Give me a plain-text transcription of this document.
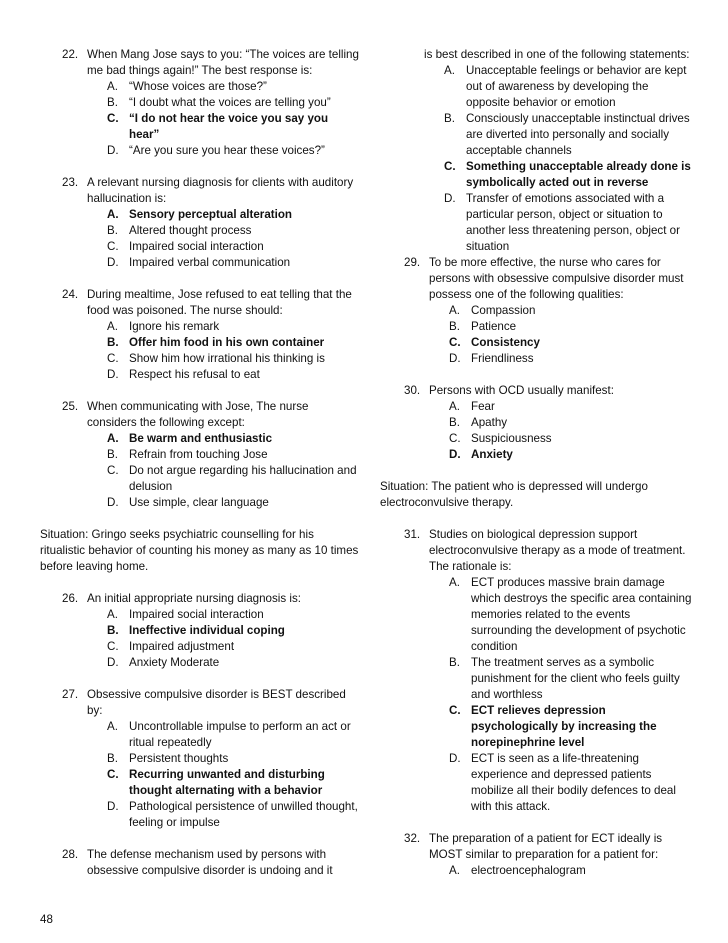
22. When Mang Jose says to you: “The voices are telling me bad things again!” The best response is:
A. “Whose voices are those?”
B. “I doubt what the voices are telling you”
C. “I do not hear the voice you say you hear”
D. “Are you sure you hear these voices?”
23. A relevant nursing diagnosis for clients with auditory hallucination is:
A. Sensory perceptual alteration
B. Altered thought process
C. Impaired social interaction
D. Impaired verbal communication
24. During mealtime, Jose refused to eat telling that the food was poisoned. The nurse should:
A. Ignore his remark
B. Offer him food in his own container
C. Show him how irrational his thinking is
D. Respect his refusal to eat
25. When communicating with Jose, The nurse considers the following except:
A. Be warm and enthusiastic
B. Refrain from touching Jose
C. Do not argue regarding his hallucination and delusion
D. Use simple, clear language
Situation: Gringo seeks psychiatric counselling for his ritualistic behavior of counting his money as many as 10 times before leaving home.
26. An initial appropriate nursing diagnosis is:
A. Impaired social interaction
B. Ineffective individual coping
C. Impaired adjustment
D. Anxiety Moderate
27. Obsessive compulsive disorder is BEST described by:
A. Uncontrollable impulse to perform an act or ritual repeatedly
B. Persistent thoughts
C. Recurring unwanted and disturbing thought alternating with a behavior
D. Pathological persistence of unwilled thought, feeling or impulse
28. The defense mechanism used by persons with obsessive compulsive disorder is undoing and it
is best described in one of the following statements:
A. Unacceptable feelings or behavior are kept out of awareness by developing the opposite behavior or emotion
B. Consciously unacceptable instinctual drives are diverted into personally and socially acceptable channels
C. Something unacceptable already done is symbolically acted out in reverse
D. Transfer of emotions associated with a particular person, object or situation to another less threatening person, object or situation
29. To be more effective, the nurse who cares for persons with obsessive compulsive disorder must possess one of the following qualities:
A. Compassion
B. Patience
C. Consistency
D. Friendliness
30. Persons with OCD usually manifest:
A. Fear
B. Apathy
C. Suspiciousness
D. Anxiety
Situation: The patient who is depressed will undergo electroconvulsive therapy.
31. Studies on biological depression support electroconvulsive therapy as a mode of treatment. The rationale is:
A. ECT produces massive brain damage which destroys the specific area containing memories related to the events surrounding the development of psychotic condition
B. The treatment serves as a symbolic punishment for the client who feels guilty and worthless
C. ECT relieves depression psychologically by increasing the norepinephrine level
D. ECT is seen as a life-threatening experience and depressed patients mobilize all their bodily defences to deal with this attack.
32. The preparation of a patient for ECT ideally is MOST similar to preparation for a patient for:
A. electroencephalogram
48
